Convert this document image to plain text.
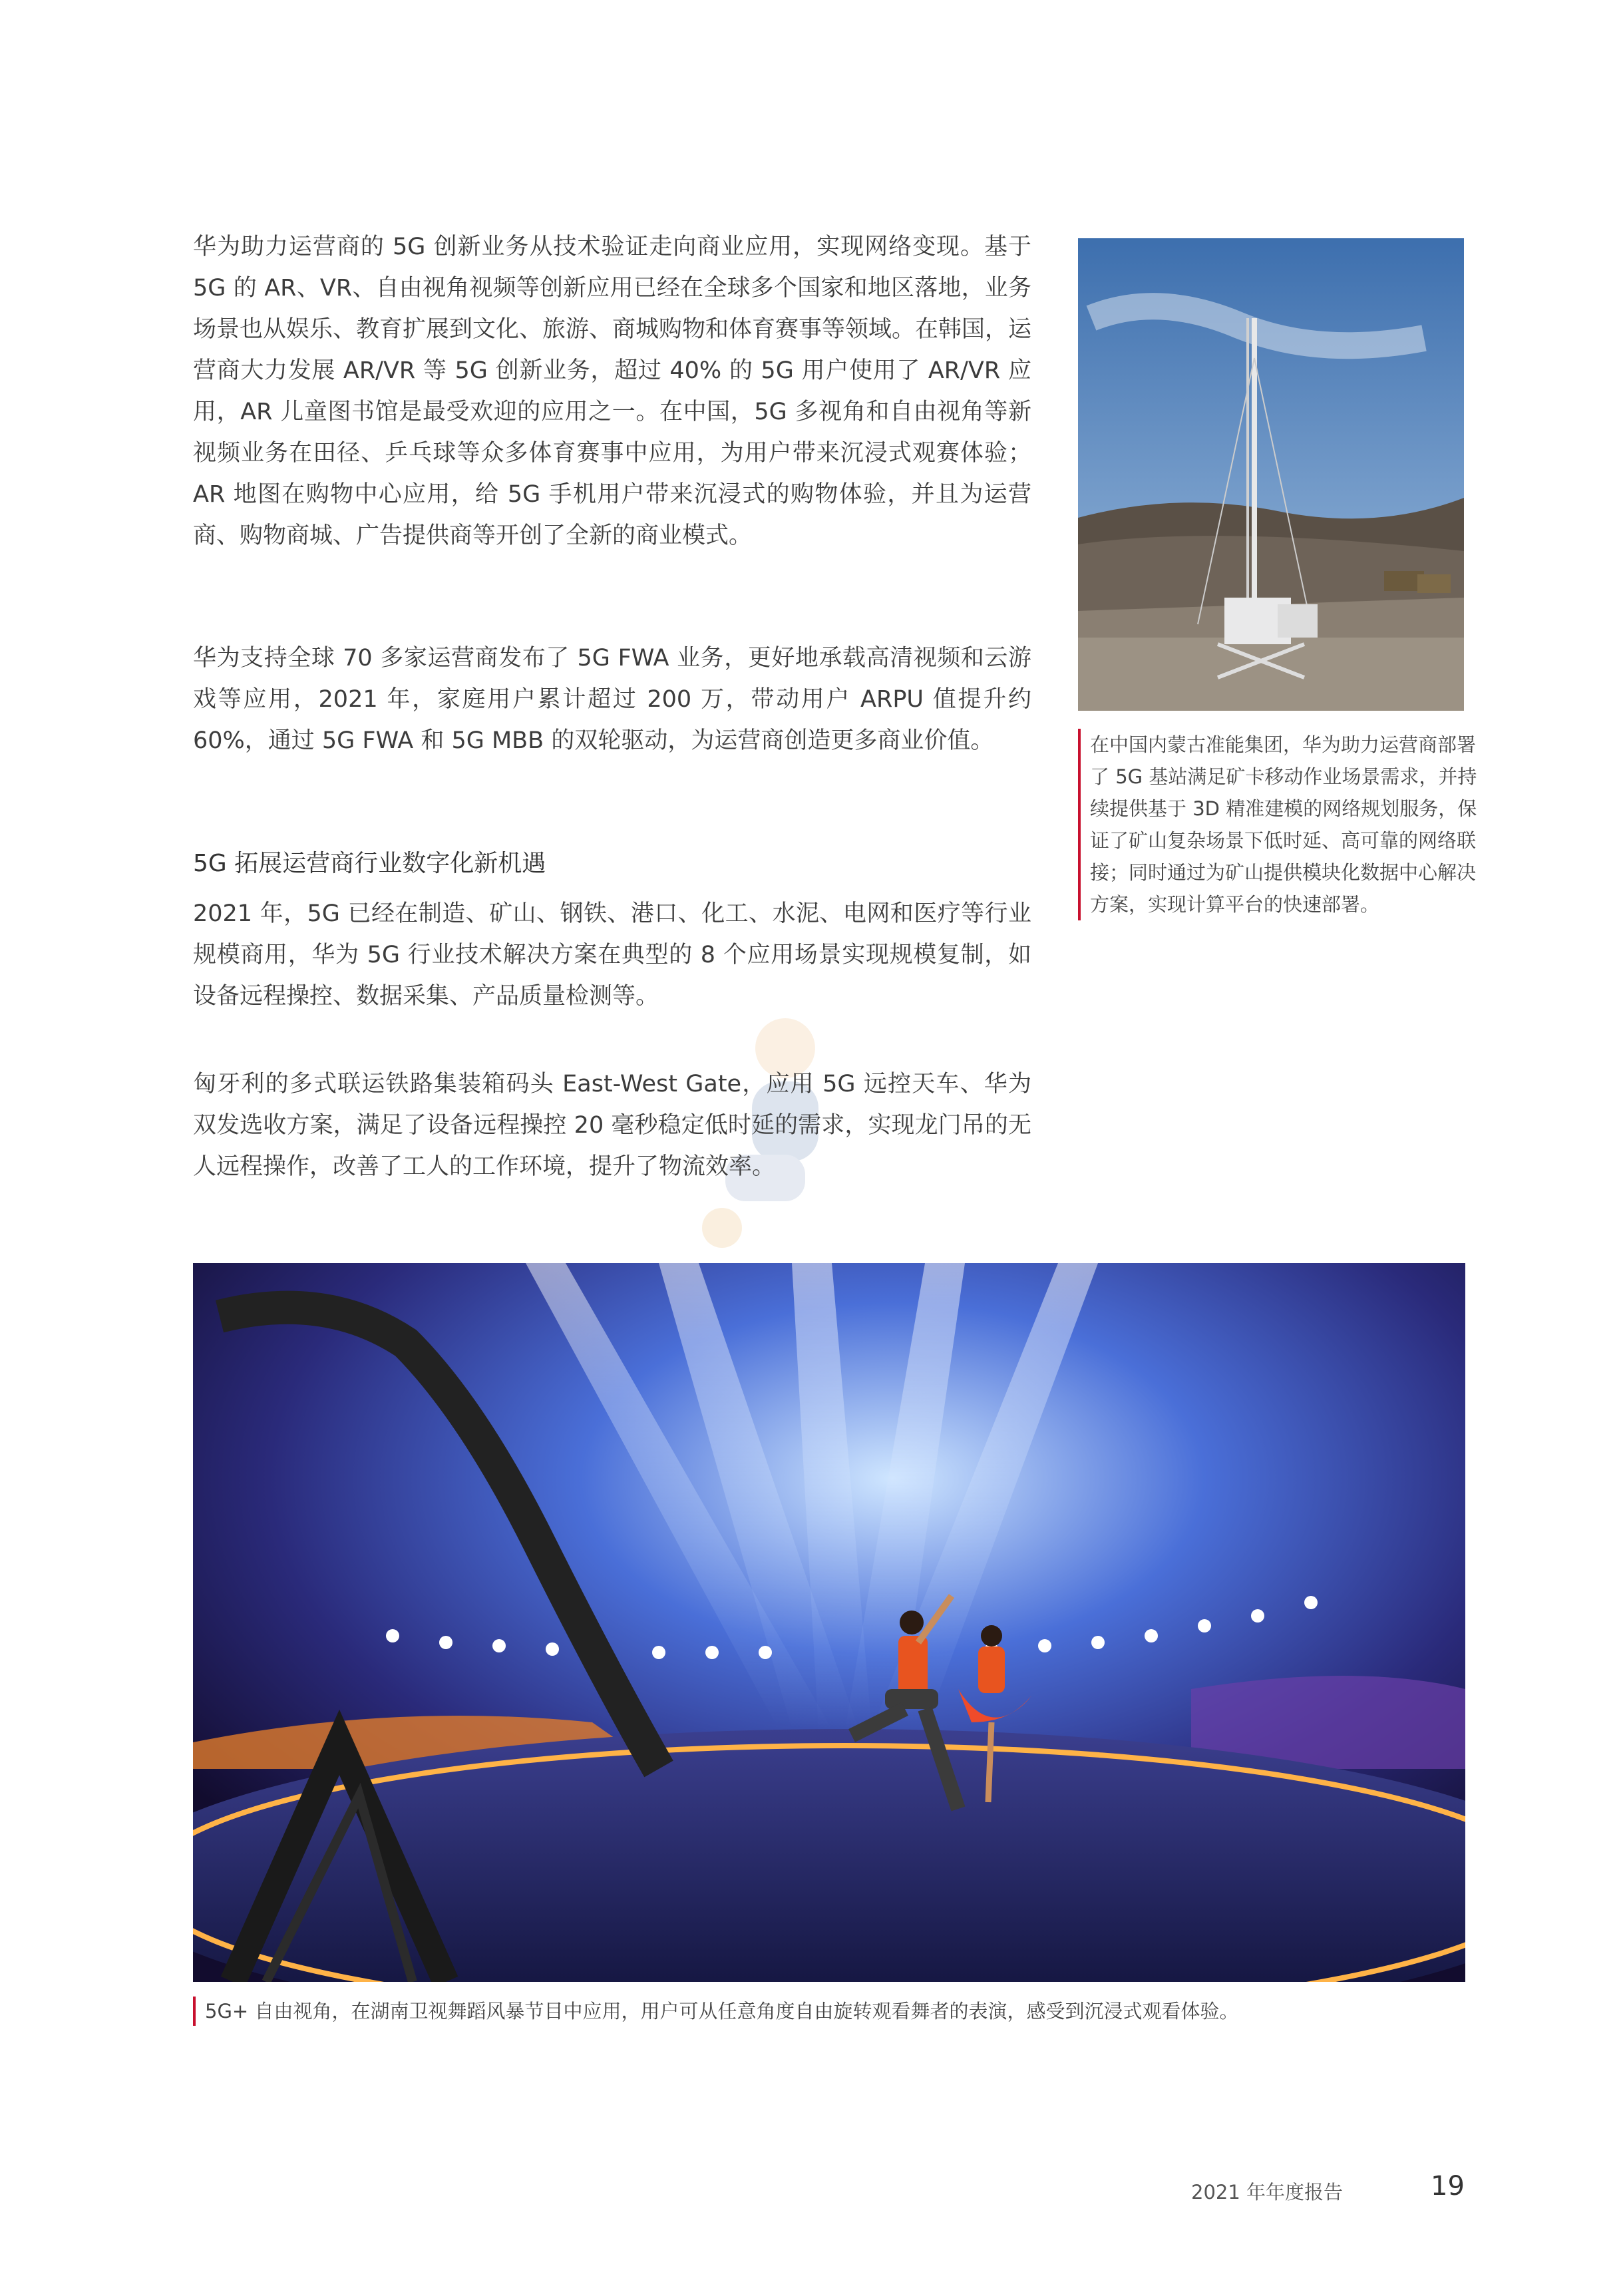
华为助力运营商的 5G 创新业务从技术验证走向商业应用，实现网络变现。基于 5G 的 AR、VR、自由视角视频等创新应用已经在全球多个国家和地区落地，业务场景也从娱乐、教育扩展到文化、旅游、商城购物和体育赛事等领域。在韩国，运营商大力发展 AR/VR 等 5G 创新业务，超过 40% 的 5G 用户使用了 AR/VR 应用，AR 儿童图书馆是最受欢迎的应用之一。在中国，5G 多视角和自由视角等新视频业务在田径、乒乓球等众多体育赛事中应用，为用户带来沉浸式观赛体验；AR 地图在购物中心应用，给 5G 手机用户带来沉浸式的购物体验，并且为运营商、购物商城、广告提供商等开创了全新的商业模式。

在中国内蒙古准能集团，华为助力运营商部署了 5G 基站满足矿卡移动作业场景需求，并持续提供基于 3D 精准建模的网络规划服务，保证了矿山复杂场景下低时延、高可靠的网络联接；同时通过为矿山提供模块化数据中心解决方案，实现计算平台的快速部署。

华为支持全球 70 多家运营商发布了 5G FWA 业务，更好地承载高清视频和云游戏等应用，2021 年，家庭用户累计超过 200 万，带动用户 ARPU 值提升约 60%，通过 5G FWA 和 5G MBB 的双轮驱动，为运营商创造更多商业价值。

5G 拓展运营商行业数字化新机遇

2021 年，5G 已经在制造、矿山、钢铁、港口、化工、水泥、电网和医疗等行业规模商用，华为 5G 行业技术解决方案在典型的 8 个应用场景实现规模复制，如设备远程操控、数据采集、产品质量检测等。

匈牙利的多式联运铁路集装箱码头 East-West Gate，应用 5G 远控天车、华为双发选收方案，满足了设备远程操控 20 毫秒稳定低时延的需求，实现龙门吊的无人远程操作，改善了工人的工作环境，提升了物流效率。

5G+ 自由视角，在湖南卫视舞蹈风暴节目中应用，用户可从任意角度自由旋转观看舞者的表演，感受到沉浸式观看体验。
2021 年年度报告	19
